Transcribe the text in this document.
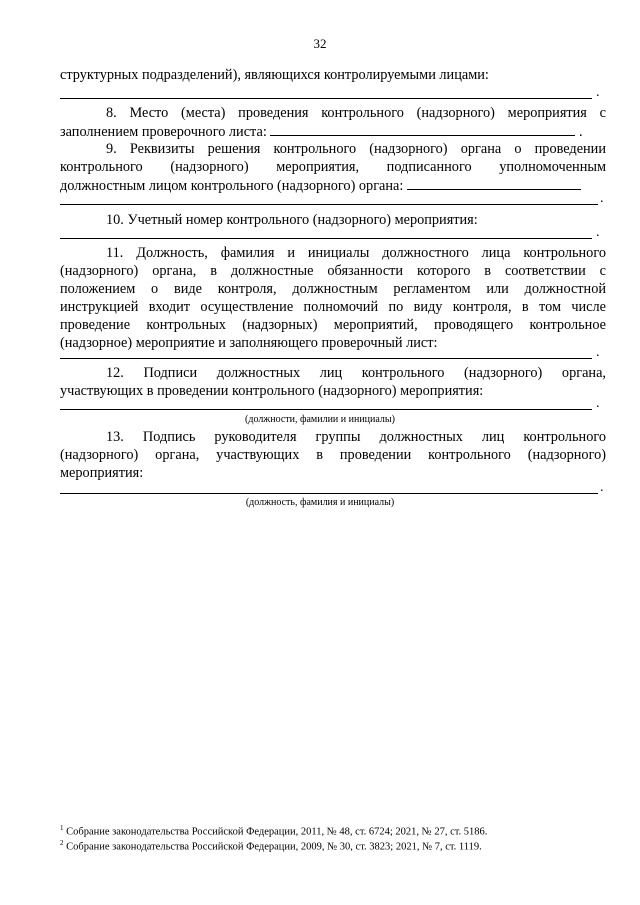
32
структурных подразделений), являющихся контролируемыми лицами:
.
8. Место (места) проведения контрольного (надзорного) мероприятия с
заполнением проверочного листа:	.
9. Реквизиты решения контрольного (надзорного) органа о проведении
контрольного (надзорного) мероприятия, подписанного уполномоченным
должностным лицом контрольного (надзорного) органа:
.
10. Учетный номер контрольного (надзорного) мероприятия:
.
11. Должность, фамилия и инициалы должностного лица контрольного
(надзорного) органа, в должностные обязанности которого в соответствии с
положением о виде контроля, должностным регламентом или должностной
инструкцией входит осуществление полномочий по виду контроля, в том числе
проведение контрольных (надзорных) мероприятий, проводящего контрольное
(надзорное) мероприятие и заполняющего проверочный лист:
.
12. Подписи должностных лиц контрольного (надзорного) органа,
участвующих в проведении контрольного (надзорного) мероприятия:
.
(должности, фамилии и инициалы)
13. Подпись руководителя группы должностных лиц контрольного
(надзорного) органа, участвующих в проведении контрольного (надзорного)
мероприятия:
.
(должность, фамилия и инициалы)
$^1$ Собрание законодательства Российской Федерации, 2011, № 48, ст. 6724; 2021, № 27, ст. 5186.
$^2$ Собрание законодательства Российской Федерации, 2009, № 30, ст. 3823; 2021, № 7, ст. 1119.
